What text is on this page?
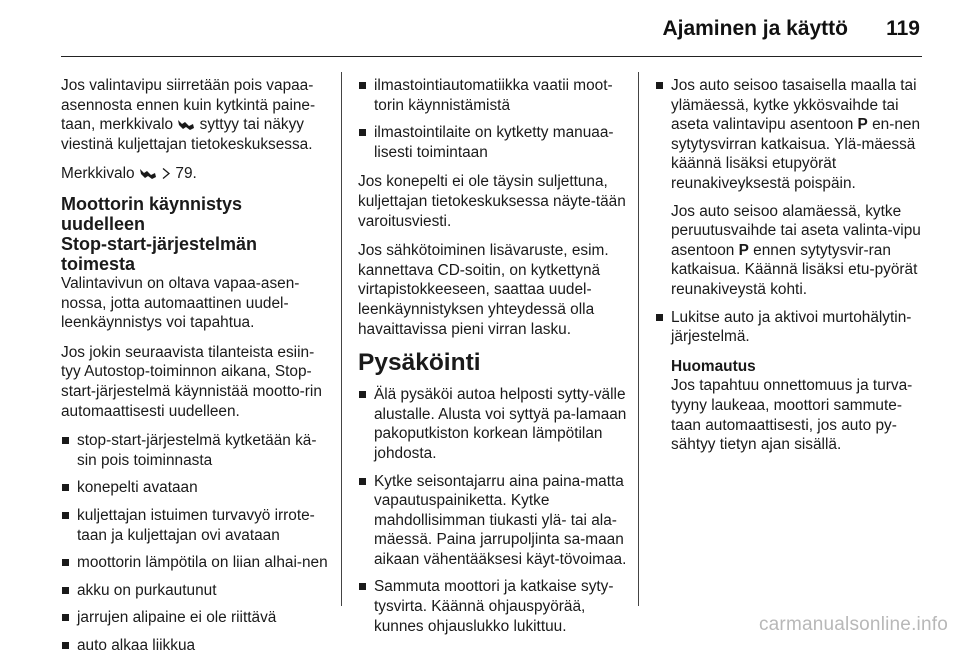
Ajaminen ja käyttö 119

Jos valintavipu siirretään pois vapaa-asennosta ennen kuin kytkintä paine-taan, merkkivalo syttyy tai näkyy viestinä kuljettajan tietokeskuksessa.

Merkkivalo	79.

Moottorin käynnistys uudelleen
Stop-start-järjestelmän
toimesta

Valintavivun on oltava vapaa-asen-nossa, jotta automaattinen uudel-leenkäynnistys voi tapahtua.

Jos jokin seuraavista tilanteista esiin-tyy Autostop-toiminnon aikana, Stop-start-järjestelmä käynnistää mootto-rin automaattisesti uudelleen.

stop-start-järjestelmä kytketään kä-sin pois toiminnasta
konepelti avataan
kuljettajan istuimen turvavyö irrote-taan ja kuljettajan ovi avataan
moottorin lämpötila on liian alhai-nen
akku on purkautunut
jarrujen alipaine ei ole riittävä
auto alkaa liikkua
ilmastointiautomatiikka vaatii moot-torin käynnistämistä
ilmastointilaite on kytketty manuaa-lisesti toimintaan

Jos konepelti ei ole täysin suljettuna, kuljettajan tietokeskuksessa näyte-tään varoitusviesti.

Jos sähkötoiminen lisävaruste, esim. kannettava CD-soitin, on kytkettynä virtapistokkeeseen, saattaa uudel-leenkäynnistyksen yhteydessä olla havaittavissa pieni virran lasku.

Pysäköinti
Älä pysäköi autoa helposti sytty-välle alustalle. Alusta voi syttyä pa-lamaan pakoputkiston korkean lämpötilan johdosta.
Kytke seisontajarru aina paina-matta vapautuspainiketta. Kytke mahdollisimman tiukasti ylä- tai ala-mäessä. Paina jarrupoljinta sa-maan aikaan vähentääksesi käyt-tövoimaa.
Sammuta moottori ja katkaise syty-tysvirta. Käännä ohjauspyörää, kunnes ohjauslukko lukittuu.
Jos auto seisoo tasaisella maalla tai ylämäessä, kytke ykkösvaihde tai aseta valintavipu asentoon P en-nen sytytysvirran katkaisua. Ylä-mäessä käännä lisäksi etupyörät reunakiveyksestä poispäin.
Jos auto seisoo alamäessä, kytke peruutusvaihde tai aseta valinta-vipu asentoon P ennen sytytysvir-ran katkaisua. Käännä lisäksi etu-pyörät reunakiveystä kohti.
Lukitse auto ja aktivoi murtohälytin-järjestelmä.
Huomautus
Jos tapahtuu onnettomuus ja turva-tyyny laukeaa, moottori sammute-taan automaattisesti, jos auto py-sähtyy tietyn ajan sisällä.
carmanualsonline.info
